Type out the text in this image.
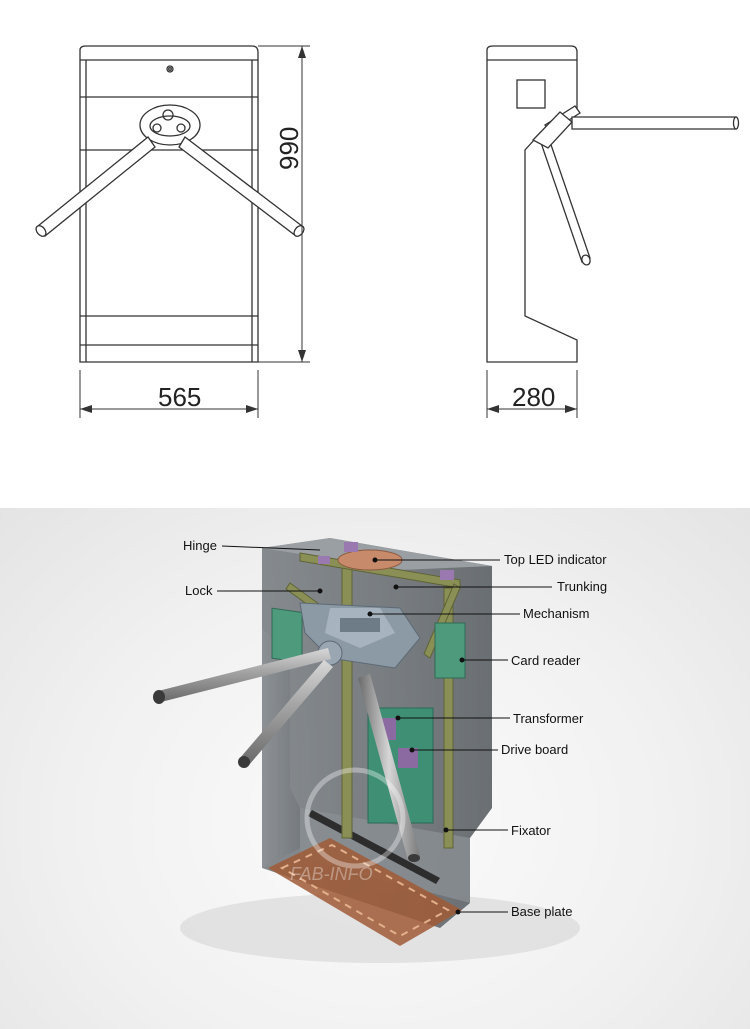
565	280
990
FAB-INFO
Hinge
Lock
Top LED indicator
Trunking
Mechanism
Card reader
Transformer
Drive board
Fixator
Base plate
